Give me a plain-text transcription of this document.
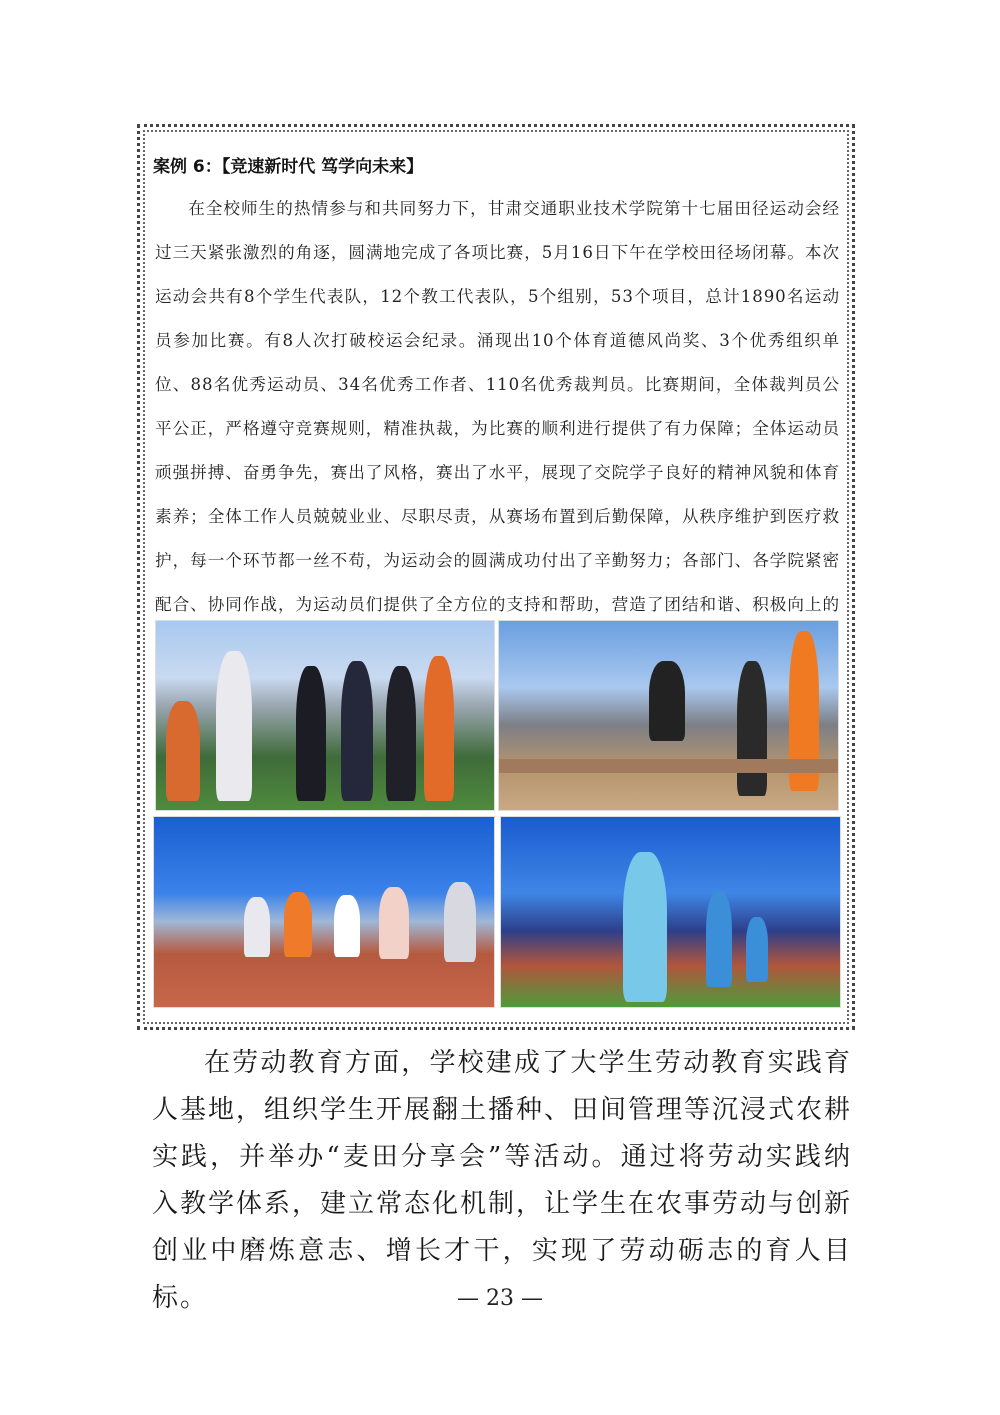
案例 6：【竞速新时代 笃学向未来】
在全校师生的热情参与和共同努力下，甘肃交通职业技术学院第十七届田径运动会经过三天紧张激烈的角逐，圆满地完成了各项比赛，5月16日下午在学校田径场闭幕。本次运动会共有8个学生代表队，12个教工代表队，5个组别，53个项目，总计1890名运动员参加比赛。有8人次打破校运会纪录。涌现出10个体育道德风尚奖、3个优秀组织单位、88名优秀运动员、34名优秀工作者、110名优秀裁判员。比赛期间，全体裁判员公平公正，严格遵守竞赛规则，精准执裁，为比赛的顺利进行提供了有力保障；全体运动员顽强拼搏、奋勇争先，赛出了风格，赛出了水平，展现了交院学子良好的精神风貌和体育素养；全体工作人员兢兢业业、尽职尽责，从赛场布置到后勤保障，从秩序维护到医疗救护，每一个环节都一丝不苟，为运动会的圆满成功付出了辛勤努力；各部门、各学院紧密配合、协同作战，为运动员们提供了全方位的支持和帮助，营造了团结和谐、积极向上的
在劳动教育方面，学校建成了大学生劳动教育实践育人基地，组织学生开展翻土播种、田间管理等沉浸式农耕实践，并举办“麦田分享会”等活动。通过将劳动实践纳入教学体系，建立常态化机制，让学生在农事劳动与创新创业中磨炼意志、增长才干，实现了劳动砺志的育人目标。	— 23 —
